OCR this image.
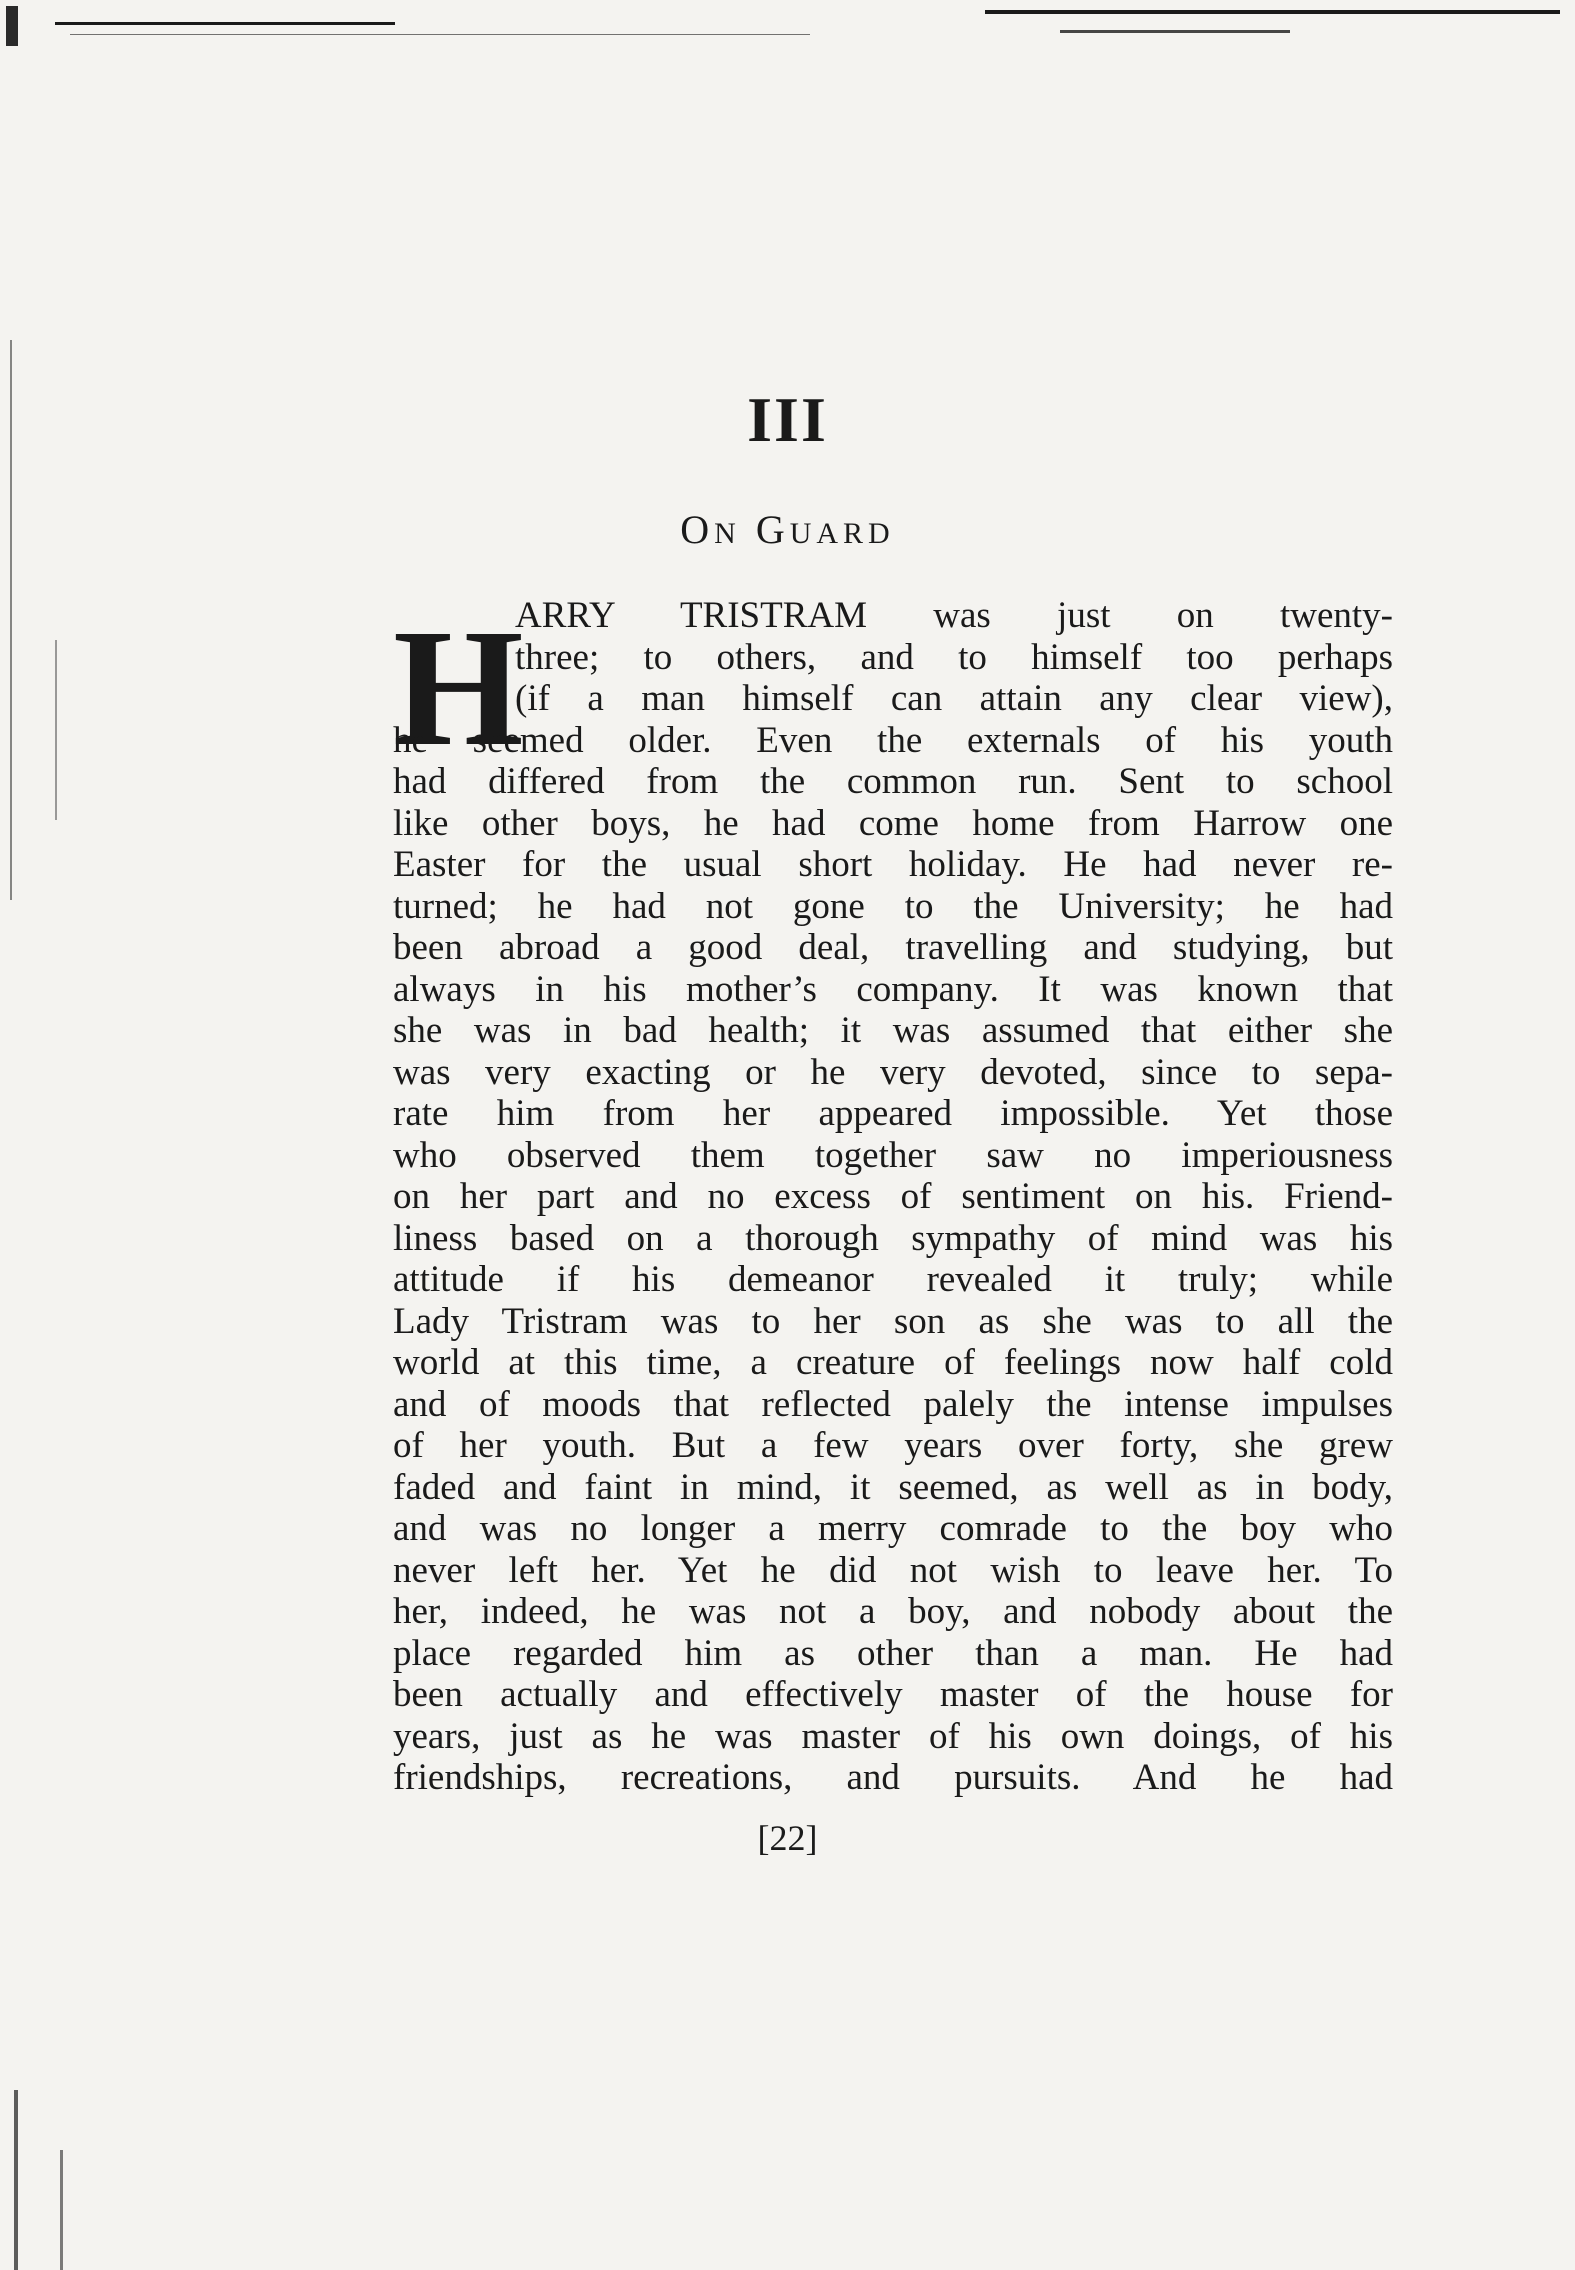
III
ON GUARD
H
ARRY TRISTRAM was just on twenty-
three; to others, and to himself too perhaps
(if a man himself can attain any clear view),
he seemed older. Even the externals of his youth
had differed from the common run. Sent to school
like other boys, he had come home from Harrow one
Easter for the usual short holiday. He had never re-
turned; he had not gone to the University; he had
been abroad a good deal, travelling and studying, but
always in his mother’s company. It was known that
she was in bad health; it was assumed that either she
was very exacting or he very devoted, since to sepa-
rate him from her appeared impossible. Yet those
who observed them together saw no imperiousness
on her part and no excess of sentiment on his. Friend-
liness based on a thorough sympathy of mind was his
attitude if his demeanor revealed it truly; while
Lady Tristram was to her son as she was to all the
world at this time, a creature of feelings now half cold
and of moods that reflected palely the intense impulses
of her youth. But a few years over forty, she grew
faded and faint in mind, it seemed, as well as in body,
and was no longer a merry comrade to the boy who
never left her. Yet he did not wish to leave her. To
her, indeed, he was not a boy, and nobody about the
place regarded him as other than a man. He had
been actually and effectively master of the house for
years, just as he was master of his own doings, of his
friendships, recreations, and pursuits. And he had
[22]
